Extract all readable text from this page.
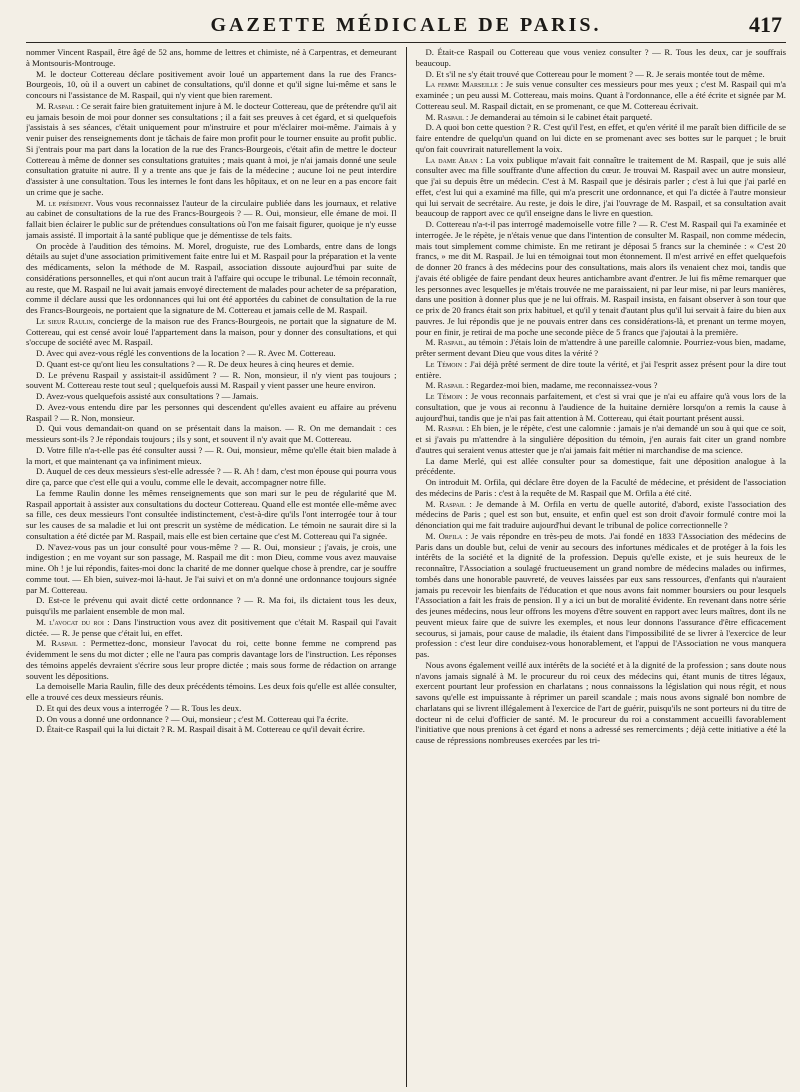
GAZETTE MÉDICALE DE PARIS.	417

nommer Vincent Raspail, être âgé de 52 ans, homme de lettres et chimiste, né à Carpentras, et demeurant à Montsouris-Montrouge.

M. le docteur Cottereau déclare positivement avoir loué un appartement dans la rue des Francs-Bourgeois, 10, où il a ouvert un cabinet de consultations, qu'il donne et qu'il signe lui-même et sans le concours ni l'assistance de M. Raspail, qui n'y vient que bien rarement.

M. Raspail : Ce serait faire bien gratuitement injure à M. le docteur Cottereau, que de prétendre qu'il ait eu jamais besoin de moi pour donner ses consultations ; il a fait ses preuves à cet égard, et si quelquefois j'assistais à ses séances, c'était uniquement pour m'instruire et pour m'éclairer moi-même. J'aimais à y venir puiser des renseignements dont je tâchais de faire mon profit pour le tourner ensuite au profit public. Si j'entrais pour ma part dans la location de la rue des Francs-Bourgeois, c'était afin de mettre le docteur Cottereau à même de donner ses consultations gratuites ; mais quant à moi, je n'ai jamais donné une seule consultation gratuite ni autre. Il y a trente ans que je fais de la médecine ; aucune loi ne peut interdire d'assister à une consultation. Tous les internes le font dans les hôpitaux, et on ne leur en a pas encore fait un crime que je sache.

M. le président. Vous vous reconnaissez l'auteur de la circulaire publiée dans les journaux, et relative au cabinet de consultations de la rue des Francs-Bourgeois ? — R. Oui, monsieur, elle émane de moi. Il fallait bien éclairer le public sur de prétendues consultations où l'on me faisait figurer, quoique je n'y eusse jamais assisté. Il importait à la santé publique que je démentisse de tels faits.

On procède à l'audition des témoins. M. Morel, droguiste, rue des Lombards, entre dans de longs détails au sujet d'une association primitivement faite entre lui et M. Raspail pour la préparation et la vente des médicaments, selon la méthode de M. Raspail, association dissoute aujourd'hui par suite de considérations personnelles, et qui n'ont aucun trait à l'affaire qui occupe le tribunal. Le témoin reconnaît, au reste, que M. Raspail ne lui avait jamais envoyé directement de malades pour acheter de sa préparation, comme il déclare aussi que les ordonnances qui lui ont été apportées du cabinet de consultation de la rue des Francs-Bourgeois, ne portaient que la signature de M. Cottereau et jamais celle de M. Raspail.

Le sieur Raulin, concierge de la maison rue des Francs-Bourgeois, ne portait que la signature de M. Cottereau, qui est censé avoir loué l'appartement dans la maison, pour y donner des consultations, et qui s'occupe de société avec M. Raspail.

D. Avec qui avez-vous réglé les conventions de la location ? — R. Avec M. Cottereau.

D. Quant est-ce qu'ont lieu les consultations ? — R. De deux heures à cinq heures et demie.

D. Le prévenu Raspail y assistait-il assidûment ? — R. Non, monsieur, il n'y vient pas toujours ; souvent M. Cottereau reste tout seul ; quelquefois aussi M. Raspail y vient passer une heure environ.

D. Avez-vous quelquefois assisté aux consultations ? — Jamais.

D. Avez-vous entendu dire par les personnes qui descendent qu'elles avaient eu affaire au prévenu Raspail ? — R. Non, monsieur.

D. Qui vous demandait-on quand on se présentait dans la maison. — R. On me demandait : ces messieurs sont-ils ? Je répondais toujours ; ils y sont, et souvent il n'y avait que M. Cottereau.

D. Votre fille n'a-t-elle pas été consulter aussi ? — R. Oui, monsieur, même qu'elle était bien malade à la mort, et que maintenant ça va infiniment mieux.

D. Auquel de ces deux messieurs s'est-elle adressée ? — R. Ah ! dam, c'est mon épouse qui pourra vous dire ça, parce que c'est elle qui a voulu, comme elle le devait, accompagner notre fille.

La femme Raulin donne les mêmes renseignements que son mari sur le peu de régularité que M. Raspail apportait à assister aux consultations du docteur Cottereau. Quand elle est montée elle-même avec sa fille, ces deux messieurs l'ont consultée indistinctement, c'est-à-dire qu'ils l'ont interrogée tour à tour sur les causes de sa maladie et lui ont prescrit un système de médication. Le témoin ne saurait dire si la consultation a été dictée par M. Raspail, mais elle est bien certaine que c'est M. Cottereau qui l'a signée.

D. N'avez-vous pas un jour consulté pour vous-même ? — R. Oui, monsieur ; j'avais, je crois, une indigestion ; en me voyant sur son passage, M. Raspail me dit : mon Dieu, comme vous avez mauvaise mine. Oh ! je lui répondis, faites-moi donc la charité de me donner quelque chose à prendre, car je souffre comme tout. — Eh bien, suivez-moi là-haut. Je l'ai suivi et on m'a donné une ordonnance toujours signée par M. Cottereau.

D. Est-ce le prévenu qui avait dicté cette ordonnance ? — R. Ma foi, ils dictaient tous les deux, puisqu'ils me parlaient ensemble de mon mal.

M. l'avocat du roi : Dans l'instruction vous avez dit positivement que c'était M. Raspail qui l'avait dictée. — R. Je pense que c'était lui, en effet.

M. Raspail : Permettez-donc, monsieur l'avocat du roi, cette bonne femme ne comprend pas évidemment le sens du mot dicter ; elle ne l'aura pas compris davantage lors de l'instruction. Les réponses des témoins appelés devraient s'écrire sous leur propre dictée ; mais sous forme de rédaction on arrange souvent les dépositions.

La demoiselle Maria Raulin, fille des deux précédents témoins. Les deux fois qu'elle est allée consulter, elle a trouvé ces deux messieurs réunis.

D. Et qui des deux vous a interrogée ? — R. Tous les deux.

D. On vous a donné une ordonnance ? — Oui, monsieur ; c'est M. Cottereau qui l'a écrite.

D. Était-ce Raspail qui la lui dictait ? R. M. Raspail disait à M. Cottereau ce qu'il devait écrire.

D. Était-ce Raspail ou Cottereau que vous veniez consulter ? — R. Tous les deux, car je souffrais beaucoup.

D. Et s'il ne s'y était trouvé que Cottereau pour le moment ? — R. Je serais montée tout de même.

La femme Marseille : Je suis venue consulter ces messieurs pour mes yeux ; c'est M. Raspail qui m'a examinée ; un peu aussi M. Cottereau, mais moins. Quant à l'ordonnance, elle a été écrite et signée par M. Cottereau seul. M. Raspail dictait, en se promenant, ce que M. Cottereau écrivait.

M. Raspail : Je demanderai au témoin si le cabinet était parqueté.

D. A quoi bon cette question ? R. C'est qu'il l'est, en effet, et qu'en vérité il me paraît bien difficile de se faire entendre de quelqu'un quand on lui dicte en se promenant avec ses bottes sur le parquet ; le bruit qu'on fait couvrirait naturellement la voix.

La dame Aran : La voix publique m'avait fait connaître le traitement de M. Raspail, que je suis allé consulter avec ma fille souffrante d'une affection du cœur. Je trouvai M. Raspail avec un autre monsieur, que j'ai su depuis être un médecin. C'est à M. Raspail que je désirais parler ; c'est à lui que j'ai parlé en effet, c'est lui qui a examiné ma fille, qui m'a prescrit une ordonnance, et qui l'a dictée à l'autre monsieur qui lui servait de secrétaire. Au reste, je dois le dire, j'ai l'ouvrage de M. Raspail, et sa consultation avait beaucoup de rapport avec ce qu'il enseigne dans le livre en question.

D. Cottereau n'a-t-il pas interrogé mademoiselle votre fille ? — R. C'est M. Raspail qui l'a examinée et interrogée. Je le répète, je n'étais venue que dans l'intention de consulter M. Raspail, non comme médecin, mais tout simplement comme chimiste. En me retirant je déposai 5 francs sur la cheminée : « C'est 20 francs, » me dit M. Raspail. Je lui en témoignai tout mon étonnement. Il m'est arrivé en effet quelquefois de donner 20 francs à des médecins pour des consultations, mais alors ils venaient chez moi, tandis que j'avais été obligée de faire pendant deux heures antichambre avant d'entrer. Je lui fis même remarquer que les personnes avec lesquelles je m'étais trouvée ne me paraissaient, ni par leur mise, ni par leurs manières, dans une position à donner plus que je ne lui offrais. M. Raspail insista, en faisant observer à son tour que ce prix de 20 francs était son prix habituel, et qu'il y tenait d'autant plus qu'il lui servait à faire du bien aux pauvres. Je lui répondis que je ne pouvais entrer dans ces considérations-là, et prenant un terme moyen, pour en finir, je retirai de ma poche une seconde pièce de 5 francs que j'ajoutai à la première.

M. Raspail, au témoin : J'étais loin de m'attendre à une pareille calomnie. Pourriez-vous bien, madame, prêter serment devant Dieu que vous dites la vérité ?

Le Témoin : J'ai déjà prêté serment de dire toute la vérité, et j'ai l'esprit assez présent pour la dire tout entière.

M. Raspail : Regardez-moi bien, madame, me reconnaissez-vous ?

Le Témoin : Je vous reconnais parfaitement, et c'est si vrai que je n'ai eu affaire qu'à vous lors de la consultation, que je vous ai reconnu à l'audience de la huitaine dernière lorsqu'on a remis la cause à aujourd'hui, tandis que je n'ai pas fait attention à M. Cottereau, qui était pourtant présent aussi.

M. Raspail : Eh bien, je le répète, c'est une calomnie : jamais je n'ai demandé un sou à qui que ce soit, et si j'avais pu m'attendre à la singulière déposition du témoin, j'en aurais fait citer un grand nombre d'autres qui seraient venus attester que je n'ai jamais fait métier ni marchandise de ma science.

La dame Merlé, qui est allée consulter pour sa domestique, fait une déposition analogue à la précédente.

On introduit M. Orfila, qui déclare être doyen de la Faculté de médecine, et président de l'association des médecins de Paris : c'est à la requête de M. Raspail que M. Orfila a été cité.

M. Raspail : Je demande à M. Orfila en vertu de quelle autorité, d'abord, existe l'association des médecins de Paris ; quel est son but, ensuite, et enfin quel est son droit d'avoir formulé contre moi la dénonciation qui me fait traduire aujourd'hui devant le tribunal de police correctionnelle ?

M. Orfila : Je vais répondre en très-peu de mots. J'ai fondé en 1833 l'Association des médecins de Paris dans un double but, celui de venir au secours des infortunes médicales et de protéger à la fois les intérêts de la société et la dignité de la profession. Depuis qu'elle existe, et je suis heureux de le reconnaître, l'Association a soulagé fructueusement un grand nombre de médecins malades ou infirmes, tombés dans une honorable pauvreté, de veuves laissées par eux sans ressources, d'enfants qui n'auraient jamais pu recevoir les bienfaits de l'éducation et que nous avons fait nommer boursiers ou pour lesquels l'Association a fait les frais de pension. Il y a ici un but de moralité évidente. En revenant dans notre série des jeunes médecins, nous leur offrons les moyens d'être souvent en rapport avec leurs maîtres, dont ils ne peuvent mieux faire que de suivre les exemples, et nous leur donnons l'assurance d'être efficacement secourus, si jamais, pour cause de maladie, ils étaient dans l'impossibilité de se livrer à l'exercice de leur profession : c'est leur dire conduisez-vous honorablement, et l'appui de l'Association ne vous manquera pas.

Nous avons également veillé aux intérêts de la société et à la dignité de la profession ; sans doute nous n'avons jamais signalé à M. le procureur du roi ceux des médecins qui, étant munis de titres légaux, exercent pourtant leur profession en charlatans ; nous connaissons la législation qui nous régit, et nous savons qu'elle est impuissante à réprimer un pareil scandale ; mais nous avons signalé bon nombre de charlatans qui se livrent illégalement à l'exercice de l'art de guérir, puisqu'ils ne sont porteurs ni du titre de docteur ni de celui d'officier de santé. M. le procureur du roi a constamment accueilli favorablement l'initiative que nous prenions à cet égard et nons a adressé ses remerciments ; déjà cette initiative a été la cause de répressions nombreuses exercées par les tri-
